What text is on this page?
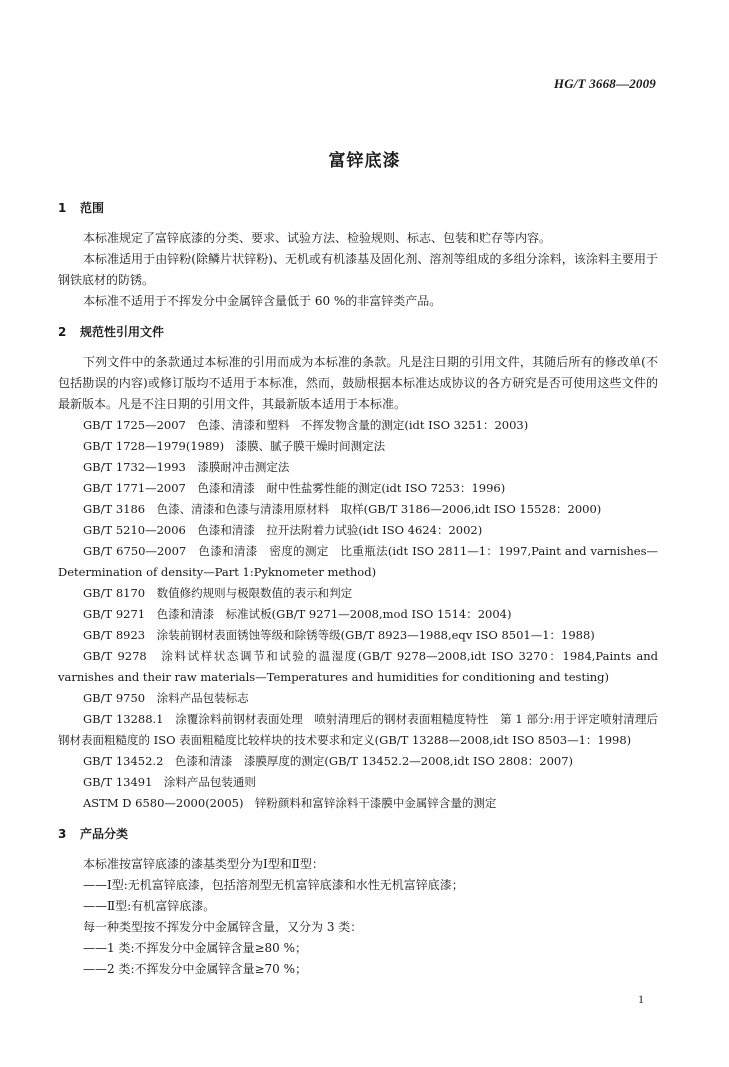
HG/T 3668—2009
富锌底漆
1 范围

本标准规定了富锌底漆的分类、要求、试验方法、检验规则、标志、包装和贮存等内容。

本标准适用于由锌粉(除鳞片状锌粉)、无机或有机漆基及固化剂、溶剂等组成的多组分涂料，该涂料主要用于钢铁底材的防锈。

本标准不适用于不挥发分中金属锌含量低于 60 %的非富锌类产品。

2 规范性引用文件

下列文件中的条款通过本标准的引用而成为本标准的条款。凡是注日期的引用文件，其随后所有的修改单(不包括勘误的内容)或修订版均不适用于本标准，然而，鼓励根据本标准达成协议的各方研究是否可使用这些文件的最新版本。凡是不注日期的引用文件，其最新版本适用于本标准。

GB/T 1725—2007　色漆、清漆和塑料　不挥发物含量的测定(idt ISO 3251：2003)

GB/T 1728—1979(1989)　漆膜、腻子膜干燥时间测定法

GB/T 1732—1993　漆膜耐冲击测定法

GB/T 1771—2007　色漆和清漆　耐中性盐雾性能的测定(idt ISO 7253：1996)

GB/T 3186　色漆、清漆和色漆与清漆用原材料　取样(GB/T 3186—2006,idt ISO 15528：2000)

GB/T 5210—2006　色漆和清漆　拉开法附着力试验(idt ISO 4624：2002)

GB/T 6750—2007　色漆和清漆　密度的测定　比重瓶法(idt ISO 2811—1：1997,Paint and varnishes—Determination of density—Part 1:Pyknometer method)

GB/T 8170　数值修约规则与极限数值的表示和判定

GB/T 9271　色漆和清漆　标准试板(GB/T 9271—2008,mod ISO 1514：2004)

GB/T 8923　涂装前钢材表面锈蚀等级和除锈等级(GB/T 8923—1988,eqv ISO 8501—1：1988)

GB/T 9278　涂料试样状态调节和试验的温湿度(GB/T 9278—2008,idt ISO 3270：1984,Paints and varnishes and their raw materials—Temperatures and humidities for conditioning and testing)

GB/T 9750　涂料产品包装标志

GB/T 13288.1　涂覆涂料前钢材表面处理　喷射清理后的钢材表面粗糙度特性　第 1 部分:用于评定喷射清理后钢材表面粗糙度的 ISO 表面粗糙度比较样块的技术要求和定义(GB/T 13288—2008,idt ISO 8503—1：1998)

GB/T 13452.2　色漆和清漆　漆膜厚度的测定(GB/T 13452.2—2008,idt ISO 2808：2007)

GB/T 13491　涂料产品包装通则

ASTM D 6580—2000(2005)　锌粉颜料和富锌涂料干漆膜中金属锌含量的测定

3 产品分类

本标准按富锌底漆的漆基类型分为Ⅰ型和Ⅱ型：

——Ⅰ型:无机富锌底漆，包括溶剂型无机富锌底漆和水性无机富锌底漆；

——Ⅱ型:有机富锌底漆。

每一种类型按不挥发分中金属锌含量，又分为 3 类：

——1 类:不挥发分中金属锌含量≥80 %；

——2 类:不挥发分中金属锌含量≥70 %；

1
